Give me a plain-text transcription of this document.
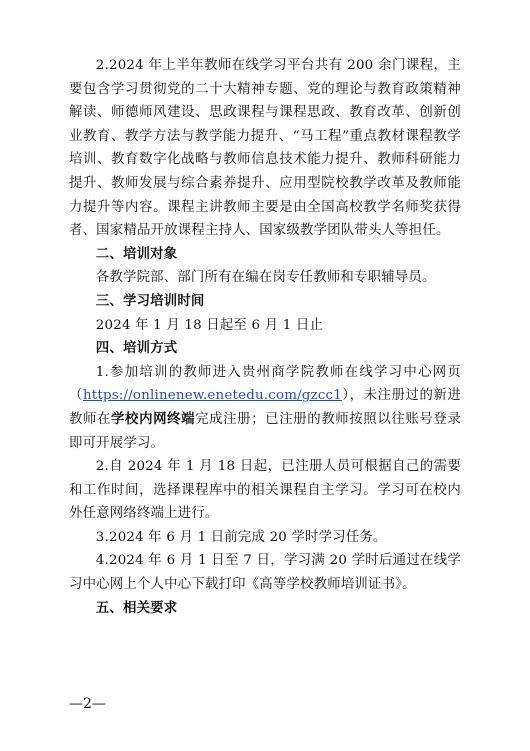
2.2024 年上半年教师在线学习平台共有 200 余门课程，主要包含学习贯彻党的二十大精神专题、党的理论与教育政策精神解读、师德师风建设、思政课程与课程思政、教育改革、创新创业教育、教学方法与教学能力提升、“马工程”重点教材课程教学培训、教育数字化战略与教师信息技术能力提升、教师科研能力提升、教师发展与综合素养提升、应用型院校教学改革及教师能力提升等内容。课程主讲教师主要是由全国高校教学名师奖获得者、国家精品开放课程主持人、国家级教学团队带头人等担任。

二、培训对象

各教学院部、部门所有在编在岗专任教师和专职辅导员。

三、学习培训时间

2024 年 1 月 18 日起至 6 月 1 日止

四、培训方式

1.参加培训的教师进入贵州商学院教师在线学习中心网页（https://onlinenew.enetedu.com/gzcc1），未注册过的新进教师在学校内网终端完成注册；已注册的教师按照以往账号登录即可开展学习。

2.自 2024 年 1 月 18 日起，已注册人员可根据自己的需要和工作时间，选择课程库中的相关课程自主学习。学习可在校内外任意网络终端上进行。

3.2024 年 6 月 1 日前完成 20 学时学习任务。

4.2024 年 6 月 1 日至 7 日，学习满 20 学时后通过在线学习中心网上个人中心下载打印《高等学校教师培训证书》。

五、相关要求

—2—
